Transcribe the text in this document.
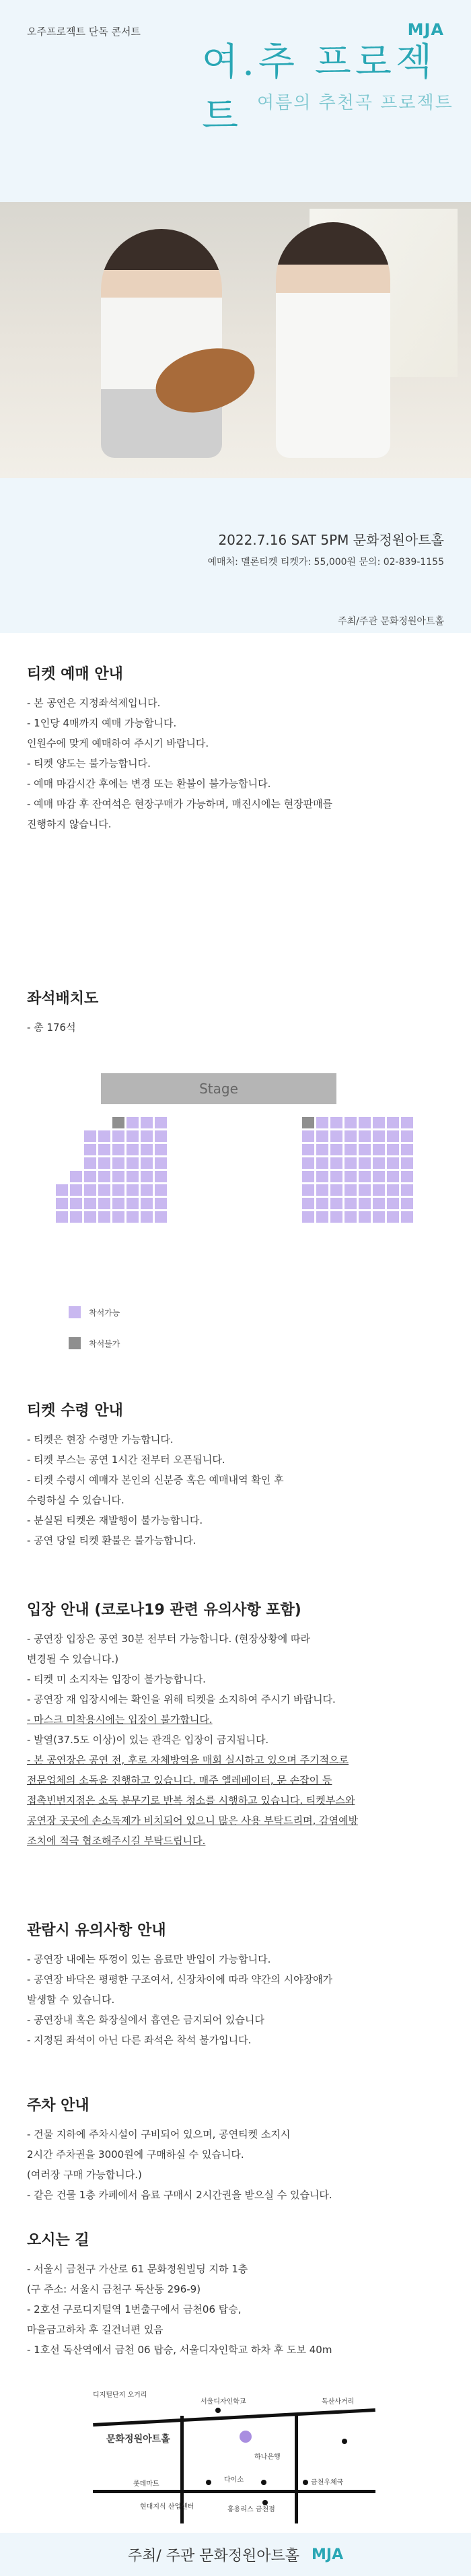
오주프로젝트 단독 콘서트	MJA
여.추 프로젝트 여름의 추천곡 프로젝트
2022.7.16 SAT 5PM 문화정원아트홀
예매처: 멜론티켓 티켓가: 55,000원 문의: 02-839-1155
주최/주관 문화정원아트홀
티켓 예매 안내
- 본 공연은 지정좌석제입니다.
- 1인당 4매까지 예매 가능합니다.
인원수에 맞게 예매하여 주시기 바랍니다.
- 티켓 양도는 불가능합니다.
- 예매 마감시간 후에는 변경 또는 환불이 불가능합니다.
- 예매 마감 후 잔여석은 현장구매가 가능하며, 매진시에는 현장판매를
진행하지 않습니다.
좌석배치도
- 총 176석
Stage
착석가능
착석불가
티켓 수령 안내
- 티켓은 현장 수령만 가능합니다.
- 티켓 부스는 공연 1시간 전부터 오픈됩니다.
- 티켓 수령시 예매자 본인의 신분증 혹은 예매내역 확인 후
수령하실 수 있습니다.
- 분실된 티켓은 재발행이 불가능합니다.
- 공연 당일 티켓 환불은 불가능합니다.
입장 안내 (코로나19 관련 유의사항 포함)
- 공연장 입장은 공연 30분 전부터 가능합니다. (현장상황에 따라
변경될 수 있습니다.)
- 티켓 미 소지자는 입장이 불가능합니다.
- 공연장 재 입장시에는 확인을 위해 티켓을 소지하여 주시기 바랍니다.
- 마스크 미착용시에는 입장이 불가합니다.
- 발열(37.5도 이상)이 있는 관객은 입장이 금지됩니다.
- 본 공연장은 공연 전, 후로 자체방역을 매회 실시하고 있으며 주기적으로
전문업체의 소독을 진행하고 있습니다. 매주 엘레베이터, 문 손잡이 등
접촉빈번지점은 소독 분무기로 반복 청소를 시행하고 있습니다. 티켓부스와
공연장 곳곳에 손소독제가 비치되어 있으니 많은 사용 부탁드리며, 감염예방
조치에 적극 협조해주시길 부탁드립니다.
관람시 유의사항 안내
- 공연장 내에는 뚜껑이 있는 음료만 반입이 가능합니다.
- 공연장 바닥은 평평한 구조여서, 신장차이에 따라 약간의 시야장애가
발생할 수 있습니다.
- 공연장내 혹은 화장실에서 흡연은 금지되어 있습니다
- 지정된 좌석이 아닌 다른 좌석은 착석 불가입니다.
주차 안내
- 건물 지하에 주차시설이 구비되어 있으며, 공연티켓 소지시
2시간 주차권을 3000원에 구매하실 수 있습니다.
(여러장 구매 가능합니다.)
- 같은 건물 1층 카페에서 음료 구매시 2시간권을 받으실 수 있습니다.
오시는 길
- 서울시 금천구 가산로 61 문화정원빌딩 지하 1층
(구 주소: 서울시 금천구 독산동 296-9)
- 2호선 구로디지털역 1번출구에서 금천06 탑승,
마을금고하차 후 길건너편 있음
- 1호선 독산역에서 금천 06 탑승, 서울디자인학교 하차 후 도보 40m
디지털단지 오거리
서울디자인학교	독산사거리
문화정원아트홀
하나은행
롯데마트
다이소	금천우체국
현대지식 산업센터	홍용리스 금천점
주최/ 주관 문화정원아트홀 MJA
